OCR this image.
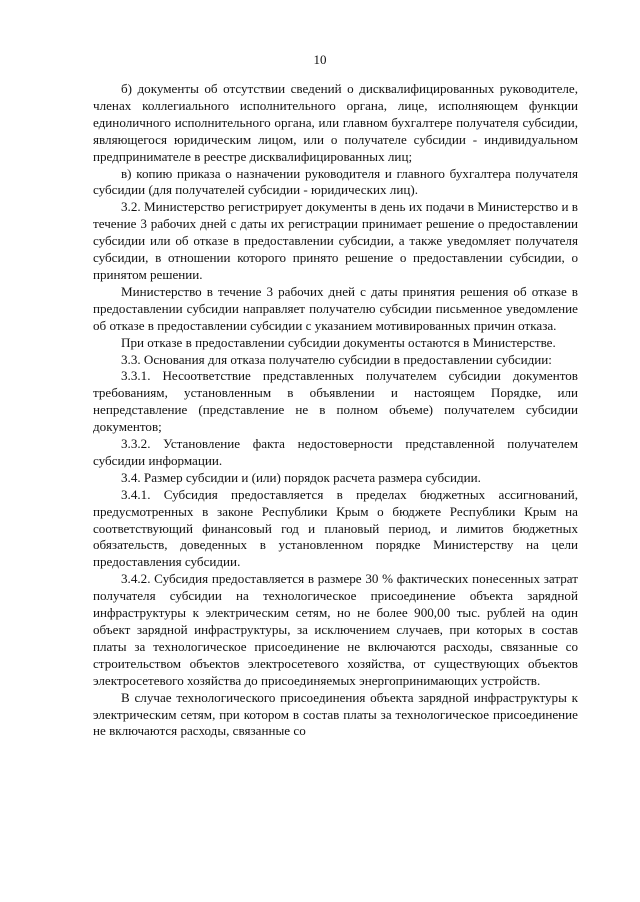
10

б) документы об отсутствии сведений о дисквалифицированных руководителе, членах коллегиального исполнительного органа, лице, исполняющем функции единоличного исполнительного органа, или главном бухгалтере получателя субсидии, являющегося юридическим лицом, или о получателе субсидии - индивидуальном предпринимателе в реестре дисквалифицированных лиц;

в) копию приказа о назначении руководителя и главного бухгалтера получателя субсидии (для получателей субсидии - юридических лиц).

3.2. Министерство регистрирует документы в день их подачи в Министерство и в течение 3 рабочих дней с даты их регистрации принимает решение о предоставлении субсидии или об отказе в предоставлении субсидии, а также уведомляет получателя субсидии, в отношении которого принято решение о предоставлении субсидии, о принятом решении.

Министерство в течение 3 рабочих дней с даты принятия решения об отказе в предоставлении субсидии направляет получателю субсидии письменное уведомление об отказе в предоставлении субсидии с указанием мотивированных причин отказа.

При отказе в предоставлении субсидии документы остаются в Министерстве.

3.3. Основания для отказа получателю субсидии в предоставлении субсидии:

3.3.1. Несоответствие представленных получателем субсидии документов требованиям, установленным в объявлении и настоящем Порядке, или непредставление (представление не в полном объеме) получателем субсидии документов;

3.3.2. Установление факта недостоверности представленной получателем субсидии информации.

3.4. Размер субсидии и (или) порядок расчета размера субсидии.

3.4.1. Субсидия предоставляется в пределах бюджетных ассигнований, предусмотренных в законе Республики Крым о бюджете Республики Крым на соответствующий финансовый год и плановый период, и лимитов бюджетных обязательств, доведенных в установленном порядке Министерству на цели предоставления субсидии.

3.4.2. Субсидия предоставляется в размере 30 % фактических понесенных затрат получателя субсидии на технологическое присоединение объекта зарядной инфраструктуры к электрическим сетям, но не более 900,00 тыс. рублей на один объект зарядной инфраструктуры, за исключением случаев, при которых в состав платы за технологическое присоединение не включаются расходы, связанные со строительством объектов электросетевого хозяйства, от существующих объектов электросетевого хозяйства до присоединяемых энергопринимающих устройств.

В случае технологического присоединения объекта зарядной инфраструктуры к электрическим сетям, при котором в состав платы за технологическое присоединение не включаются расходы, связанные со
